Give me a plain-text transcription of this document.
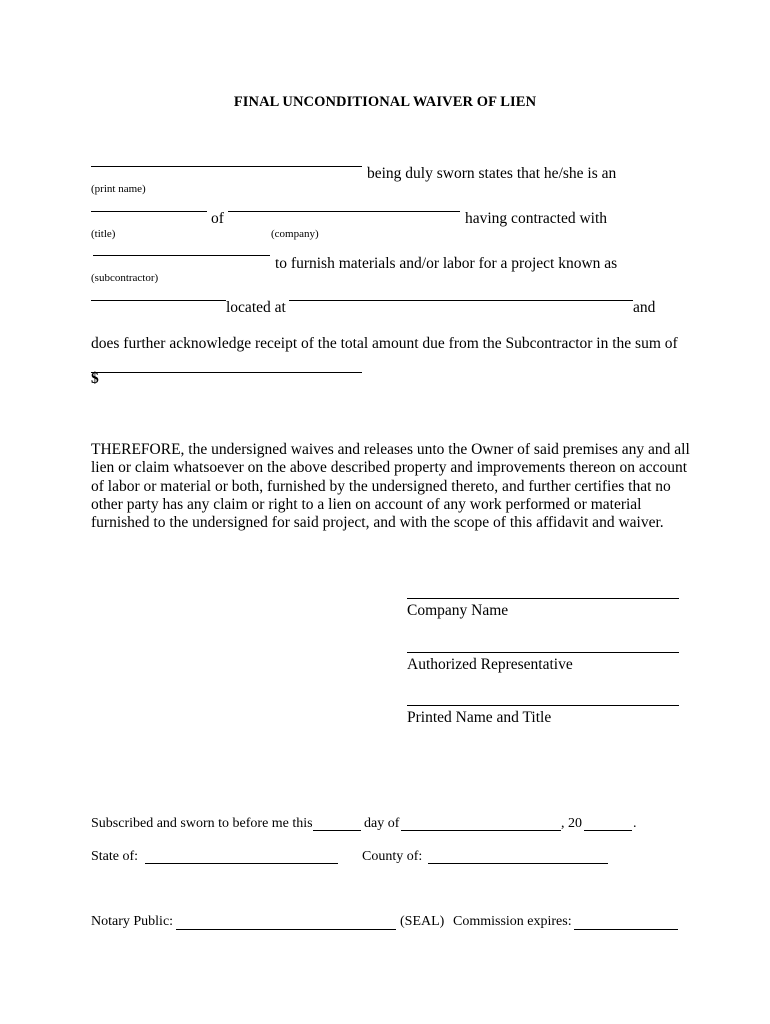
FINAL UNCONDITIONAL WAIVER OF LIEN
being duly sworn states that he/she is an
(print name)
of	having contracted with
(title)	(company)
to furnish materials and/or labor for a project known as
(subcontractor)
located at	and
does further acknowledge receipt of the total amount due from the Subcontractor in the sum of
$
THEREFORE, the undersigned waives and releases unto the Owner of said premises any and all lien or claim whatsoever on the above described property and improvements thereon on account of labor or material or both, furnished by the undersigned thereto, and further certifies that no other party has any claim or right to a lien on account of any work performed or material furnished to the undersigned for said project, and with the scope of this affidavit and waiver.
Company Name
Authorized Representative
Printed Name and Title
Subscribed and sworn to before me this	day of	, 20	.
State of:	County of:
Notary Public:	(SEAL) Commission expires:
